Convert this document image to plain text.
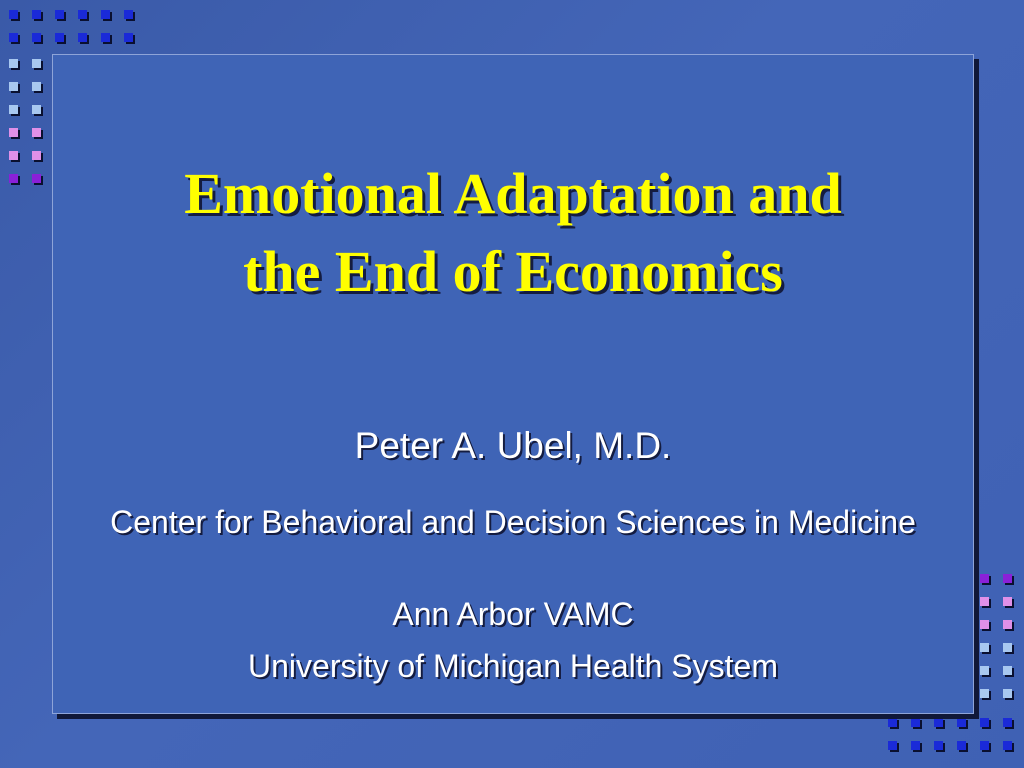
Emotional Adaptation and
the End of Economics
Peter A. Ubel, M.D.
Center for Behavioral and Decision Sciences in Medicine
Ann Arbor VAMC
University of Michigan Health System
